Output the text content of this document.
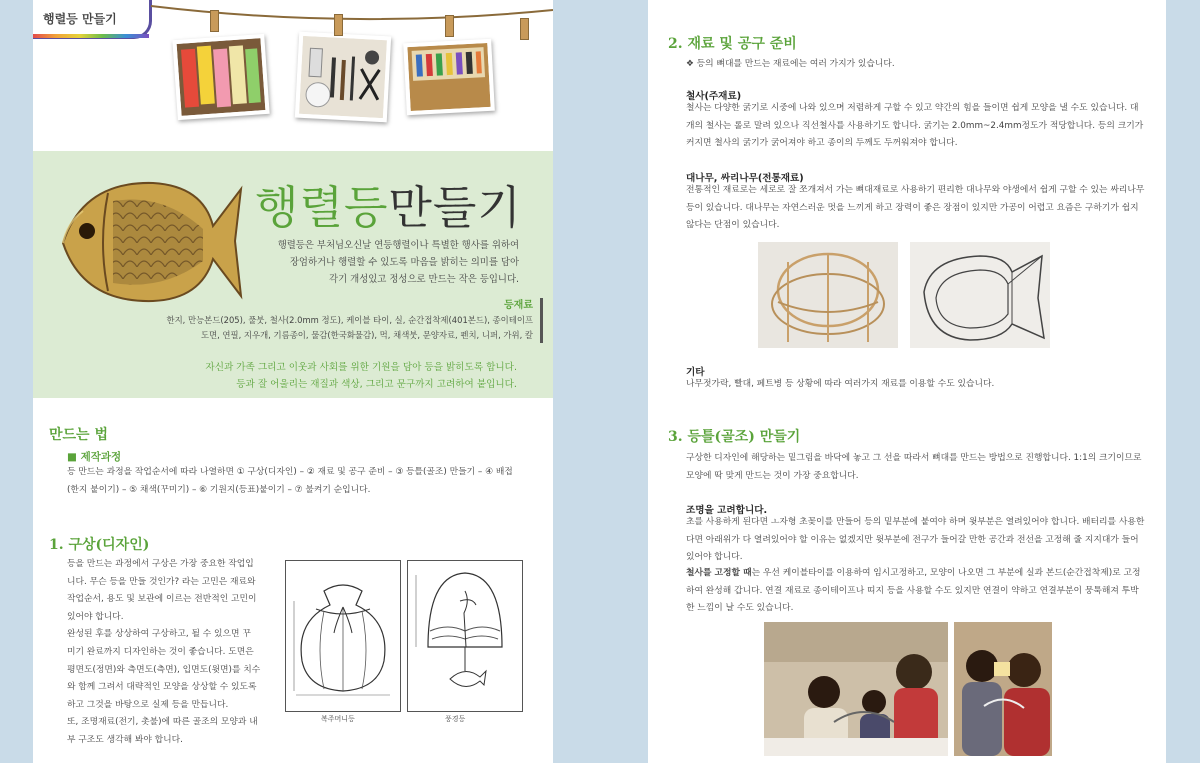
행렬등 만들기
행렬등만들기
행렬등은 부처님오신날 연등행렬이나 특별한 행사를 위하여
장엄하거나 행렬할 수 있도록 마음을 밝히는 의미를 담아
각기 개성있고 정성으로 만드는 작은 등입니다.
등재료
한지, 만능본드(205), 풀붓, 철사(2.0mm 정도), 케이블 타이, 실, 순간접착제(401본드), 종이테이프
도면, 연필, 지우개, 기름종이, 물감(한국화물감), 먹, 채색붓, 문양자료, 펜치, 니퍼, 가위, 칼
자신과 가족 그리고 이웃과 사회를 위한 기원을 담아 등을 밝히도록 합니다.
등과 잘 어울리는 재질과 색상, 그리고 문구까지 고려하여 붙입니다.
만드는 법
■ 제작과정
등 만드는 과정을 작업순서에 따라 나열하면 ① 구상(디자인) – ② 재료 및 공구 준비 – ③ 등틀(골조) 만들기 – ④ 배접
(한지 붙이기) – ⑤ 채색(꾸미기) – ⑥ 기원지(등표)붙이기 – ⑦ 불켜기 순입니다.
1. 구상(디자인)
등을 만드는 과정에서 구상은 가장 중요한 작업입
니다. 무슨 등을 만들 것인가? 라는 고민은 재료와
작업순서, 용도 및 보관에 이르는 전반적인 고민이
있어야 합니다.
완성된 후를 상상하여 구상하고, 될 수 있으면 꾸
미기 완료까지 디자인하는 것이 좋습니다. 도면은
평면도(정면)와 측면도(측면), 입면도(윗면)를 치수
와 함께 그려서 대략적인 모양을 상상할 수 있도록
하고 그것을 바탕으로 실제 등을 만듭니다.
또, 조명재료(전기, 촛불)에 따른 골조의 모양과 내
부 구조도 생각해 봐야 합니다.
복주머니등	풍경등
2. 재료 및 공구 준비
❖ 등의 뼈대를 만드는 재료에는 여러 가지가 있습니다.
철사(주재료)
철사는 다양한 굵기로 시중에 나와 있으며 저렴하게 구할 수 있고 약간의 힘을 들이면 쉽게 모양을 낼 수도 있습니다. 대
개의 철사는 롤로 말려 있으나 직선철사를 사용하기도 합니다. 굵기는 2.0mm~2.4mm정도가 적당합니다. 등의 크기가
커지면 철사의 굵기가 굵어져야 하고 종이의 두께도 두꺼워져야 합니다.
대나무, 싸리나무(전통재료)
전통적인 재료로는 세로로 잘 쪼개져서 가는 뼈대재료로 사용하기 편리한 대나무와 야생에서 쉽게 구할 수 있는 싸리나무
등이 있습니다. 대나무는 자연스러운 멋을 느끼게 하고 장력이 좋은 장점이 있지만 가공이 어렵고 요즘은 구하기가 쉽지
않다는 단점이 있습니다.
기타
나무젓가락, 빨대, 페트병 등 상황에 따라 여러가지 재료를 이용할 수도 있습니다.
3. 등틀(골조) 만들기
구상한 디자인에 해당하는 밑그림을 바닥에 놓고 그 선을 따라서 뼈대를 만드는 방법으로 진행합니다. 1:1의 크기이므로
모양에 딱 맞게 만드는 것이 가장 중요합니다.
조명을 고려합니다.
초를 사용하게 된다면 ㅗ자형 초꽂이를 만들어 등의 밑부분에 붙여야 하며 윗부분은 열려있어야 합니다. 배터리를 사용한
다면 아래위가 다 열려있어야 할 이유는 없겠지만 윗부분에 전구가 들어갈 만한 공간과 전선을 고정해 줄 지지대가 들어
있어야 합니다.
철사를 고정할 때는 우선 케이블타이를 이용하여 임시고정하고, 모양이 나오면 그 부분에 실과 본드(순간접착제)로 고정
하여 완성해 갑니다. 연결 재료로 종이테이프나 띠지 등을 사용할 수도 있지만 연결이 약하고 연결부분이 뭉툭해져 투박
한 느낌이 날 수도 있습니다.
